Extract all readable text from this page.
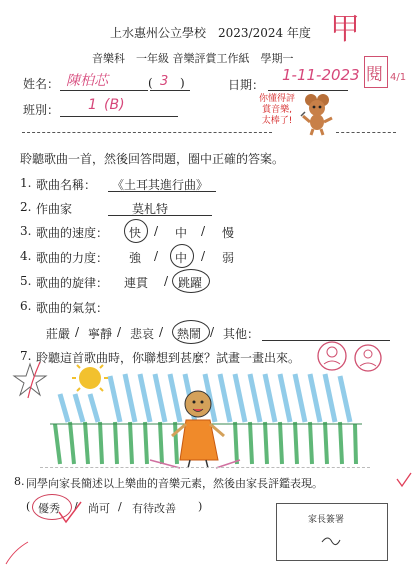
上水惠州公立學校　2023/2024 年度
音樂科　一年級 音樂評賞工作紙　學期一
甲
閱 4/1
姓名： 陳柏芯	( 3 )	日期：
1-11-2023
班別： 1 (B)	你懂得評
賞音樂,
太棒了!
聆聽歌曲一首，然後回答問題，圈中正確的答案。
1. 歌曲名稱： 《土耳其進行曲》
2. 作曲家	莫札特
3. 歌曲的速度： 快 / 中 / 慢
4. 歌曲的力度： 強 / 中 / 弱
5. 歌曲的旋律： 連貫 / 跳躍
6. 歌曲的氣氛：
莊嚴 / 寧靜 / 悲哀 / 熱鬧 / 其他：
7. 聆聽這首歌曲時，你聯想到甚麼？試畫一畫出來。
8. 同學向家長簡述以上樂曲的音樂元素，然後由家長評鑑表現。
( 優秀 / 尚可 / 有待改善 )
家長簽署
